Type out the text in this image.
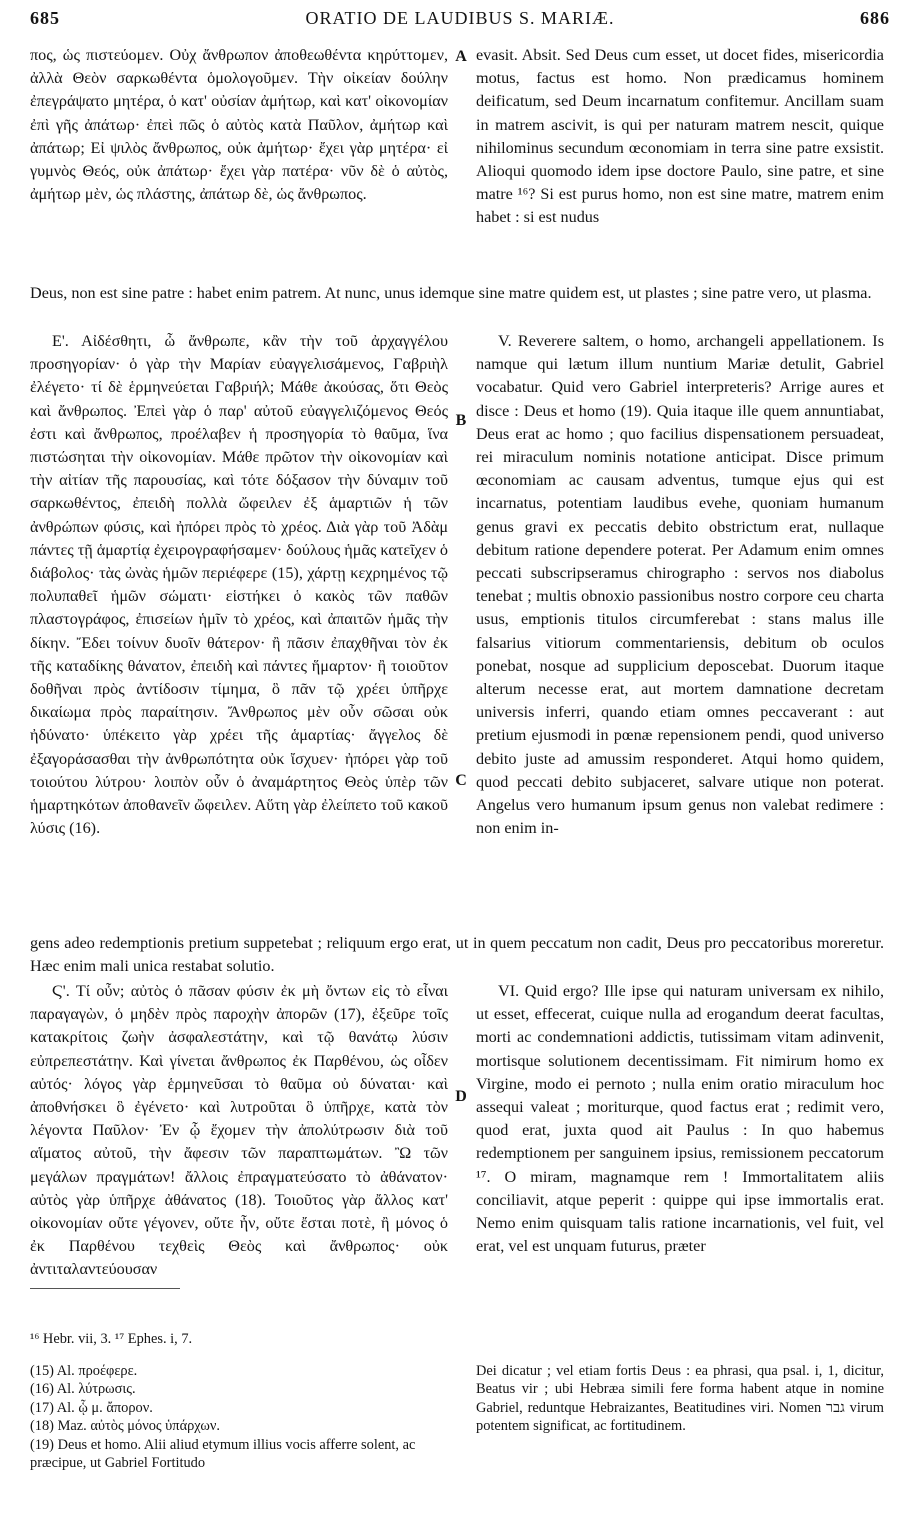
685	ORATIO DE LAUDIBUS S. MARIÆ.	686

πος, ὡς πιστεύομεν. Οὐχ ἄνθρωπον ἀποθεωθέντα κηρύττομεν, ἀλλὰ Θεὸν σαρκωθέντα ὁμολογοῦμεν. Τὴν οἰκείαν δούλην ἐπεγράψατο μητέρα, ὁ κατ' οὐσίαν ἀμήτωρ, καὶ κατ' οἰκονομίαν ἐπὶ γῆς ἀπάτωρ· ἐπεὶ πῶς ὁ αὐτὸς κατὰ Παῦλον, ἀμήτωρ καὶ ἀπάτωρ; Εἰ ψιλὸς ἄνθρωπος, οὐκ ἀμήτωρ· ἔχει γὰρ μητέρα· εἰ γυμνὸς Θεός, οὐκ ἀπάτωρ· ἔχει γὰρ πατέρα· νῦν δὲ ὁ αὐτὸς, ἀμήτωρ μὲν, ὡς πλάστης, ἀπάτωρ δὲ, ὡς ἄνθρωπος.

A evasit. Absit. Sed Deus cum esset, ut docet fides, misericordia motus, factus est homo. Non prædicamus hominem deificatum, sed Deum incarnatum confitemur. Ancillam suam in matrem ascivit, is qui per naturam matrem nescit, quique nihilominus secundum œconomiam in terra sine patre exsistit. Alioqui quomodo idem ipse doctore Paulo, sine patre, et sine matre ¹⁶? Si est purus homo, non est sine matre, matrem enim habet : si est nudus

Deus, non est sine patre : habet enim patrem. At nunc, unus idemque sine matre quidem est, ut plastes ; sine patre vero, ut plasma.

Ε'. Αἰδέσθητι, ὦ ἄνθρωπε, κἂν τὴν τοῦ ἀρχαγγέλου προσηγορίαν· ὁ γὰρ τὴν Μαρίαν εὐαγγελισάμενος, Γαβριὴλ ἐλέγετο· τί δὲ ἑρμηνεύεται Γαβριήλ; Μάθε ἀκούσας, ὅτι Θεὸς καὶ ἄνθρωπος. Ἐπεὶ γὰρ ὁ παρ' αὐτοῦ εὐαγγελιζόμενος Θεός ἐστι καὶ ἄνθρωπος, προέλαβεν ἡ προσηγορία τὸ θαῦμα, ἵνα πιστώσηται τὴν οἰκονομίαν. Μάθε πρῶτον τὴν οἰκονομίαν καὶ τὴν αἰτίαν τῆς παρουσίας, καὶ τότε δόξασον τὴν δύναμιν τοῦ σαρκωθέντος, ἐπειδὴ πολλὰ ὤφειλεν ἐξ ἁμαρτιῶν ἡ τῶν ἀνθρώπων φύσις, καὶ ἠπόρει πρὸς τὸ χρέος. Διὰ γὰρ τοῦ Ἀδὰμ πάντες τῇ ἁμαρτίᾳ ἐχειρογραφήσαμεν· δούλους ἡμᾶς κατεῖχεν ὁ διάβολος· τὰς ὠνὰς ἡμῶν περιέφερε (15), χάρτῃ κεχρημένος τῷ πολυπαθεῖ ἡμῶν σώματι· εἱστήκει ὁ κακὸς τῶν παθῶν πλαστογράφος, ἐπισείων ἡμῖν τὸ χρέος, καὶ ἀπαιτῶν ἡμᾶς τὴν δίκην. Ἔδει τοίνυν δυοῖν θάτερον· ἢ πᾶσιν ἐπαχθῆναι τὸν ἐκ τῆς καταδίκης θάνατον, ἐπειδὴ καὶ πάντες ἥμαρτον· ἢ τοιοῦτον δοθῆναι πρὸς ἀντίδοσιν τίμημα, ὃ πᾶν τῷ χρέει ὑπῆρχε δικαίωμα πρὸς παραίτησιν. Ἄνθρωπος μὲν οὖν σῶσαι οὐκ ἠδύνατο· ὑπέκειτο γὰρ χρέει τῆς ἁμαρτίας· ἄγγελος δὲ ἐξαγοράσασθαι τὴν ἀνθρωπότητα οὐκ ἴσχυεν· ἠπόρει γὰρ τοῦ τοιούτου λύτρου· λοιπὸν οὖν ὁ ἀναμάρτητος Θεὸς ὑπὲρ τῶν ἡμαρτηκότων ἀποθανεῖν ὤφειλεν. Αὕτη γὰρ ἐλείπετο τοῦ κακοῦ λύσις (16).

B
C

V. Reverere saltem, o homo, archangeli appellationem. Is namque qui lætum illum nuntium Mariæ detulit, Gabriel vocabatur. Quid vero Gabriel interpreteris? Arrige aures et disce : Deus et homo (19). Quia itaque ille quem annuntiabat, Deus erat ac homo ; quo facilius dispensationem persuadeat, rei miraculum nominis notatione anticipat. Disce primum œconomiam ac causam adventus, tumque ejus qui est incarnatus, potentiam laudibus evehe, quoniam humanum genus gravi ex peccatis debito obstrictum erat, nullaque debitum ratione dependere poterat. Per Adamum enim omnes peccati subscripseramus chirographo : servos nos diabolus tenebat ; multis obnoxio passionibus nostro corpore ceu charta usus, emptionis titulos circumferebat : stans malus ille falsarius vitiorum commentariensis, debitum ob oculos ponebat, nosque ad supplicium deposcebat. Duorum itaque alterum necesse erat, aut mortem damnatione decretam universis inferri, quando etiam omnes peccaverant : aut pretium ejusmodi in pœnæ repensionem pendi, quod universo debito juste ad amussim responderet. Atqui homo quidem, quod peccati debito subjaceret, salvare utique non poterat. Angelus vero humanum ipsum genus non valebat redimere : non enim in-

gens adeo redemptionis pretium suppetebat ; reliquum ergo erat, ut in quem peccatum non cadit, Deus pro peccatoribus moreretur. Hæc enim mali unica restabat solutio.

Ϛ'. Τί οὖν; αὐτὸς ὁ πᾶσαν φύσιν ἐκ μὴ ὄντων εἰς τὸ εἶναι παραγαγὼν, ὁ μηδὲν πρὸς παροχὴν ἀπορῶν (17), ἐξεῦρε τοῖς κατακρίτοις ζωὴν ἀσφαλεστάτην, καὶ τῷ θανάτῳ λύσιν εὐπρεπεστάτην. Καὶ γίνεται ἄνθρωπος ἐκ Παρθένου, ὡς οἶδεν αὐτός· λόγος γὰρ ἑρμηνεῦσαι τὸ θαῦμα οὐ δύναται· καὶ ἀποθνήσκει ὃ ἐγένετο· καὶ λυτροῦται ὃ ὑπῆρχε, κατὰ τὸν λέγοντα Παῦλον· Ἐν ᾧ ἔχομεν τὴν ἀπολύτρωσιν διὰ τοῦ αἵματος αὐτοῦ, τὴν ἄφεσιν τῶν παραπτωμάτων. Ὢ τῶν μεγάλων πραγμάτων! ἄλλοις ἐπραγματεύσατο τὸ ἀθάνατον· αὐτὸς γὰρ ὑπῆρχε ἀθάνατος (18). Τοιοῦτος γὰρ ἄλλος κατ' οἰκονομίαν οὔτε γέγονεν, οὔτε ἦν, οὔτε ἔσται ποτὲ, ἢ μόνος ὁ ἐκ Παρθένου τεχθεὶς Θεὸς καὶ ἄνθρωπος· οὐκ ἀντιταλαντεύουσαν

D

VI. Quid ergo? Ille ipse qui naturam universam ex nihilo, ut esset, effecerat, cuique nulla ad erogandum deerat facultas, morti ac condemnationi addictis, tutissimam vitam adinvenit, mortisque solutionem decentissimam. Fit nimirum homo ex Virgine, modo ei pernoto ; nulla enim oratio miraculum hoc assequi valeat ; moriturque, quod factus erat ; redimit vero, quod erat, juxta quod ait Paulus : In quo habemus redemptionem per sanguinem ipsius, remissionem peccatorum ¹⁷. O miram, magnamque rem ! Immortalitatem aliis conciliavit, atque peperit : quippe qui ipse immortalis erat. Nemo enim quisquam talis ratione incarnationis, vel fuit, vel erat, vel est unquam futurus, præter

¹⁶ Hebr. vii, 3. ¹⁷ Ephes. i, 7.

(15) Al. προέφερε.

(16) Al. λύτρωσις.

(17) Al. ᾧ μ. ἄπορον.

(18) Maz. αὐτὸς μόνος ὑπάρχων.

(19) Deus et homo. Alii aliud etymum illius vocis afferre solent, ac præcipue, ut Gabriel Fortitudo

Dei dicatur ; vel etiam fortis Deus : ea phrasi, qua psal. i, 1, dicitur, Beatus vir ; ubi Hebræa simili fere forma habent atque in nomine Gabriel, reduntque Hebraizantes, Beatitudines viri. Nomen גבר virum potentem significat, ac fortitudinem.
